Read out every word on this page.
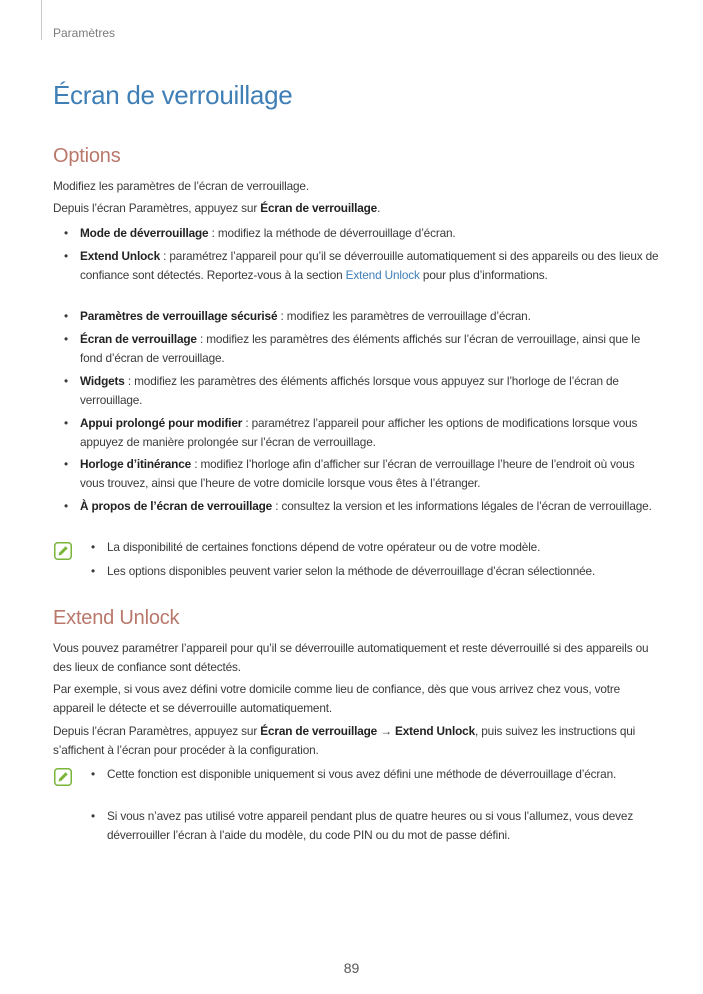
Paramètres
Écran de verrouillage
Options

Modifiez les paramètres de l’écran de verrouillage.

Depuis l’écran Paramètres, appuyez sur Écran de verrouillage.

• Mode de déverrouillage : modifiez la méthode de déverrouillage d’écran.

• Extend Unlock : paramétrez l’appareil pour qu’il se déverrouille automatiquement si des appareils ou des lieux de confiance sont détectés. Reportez-vous à la section Extend Unlock pour plus d’informations.

• Paramètres de verrouillage sécurisé : modifiez les paramètres de verrouillage d’écran.

• Écran de verrouillage : modifiez les paramètres des éléments affichés sur l’écran de verrouillage, ainsi que le fond d’écran de verrouillage.

• Widgets : modifiez les paramètres des éléments affichés lorsque vous appuyez sur l’horloge de l’écran de verrouillage.

• Appui prolongé pour modifier : paramétrez l’appareil pour afficher les options de modifications lorsque vous appuyez de manière prolongée sur l’écran de verrouillage.

• Horloge d’itinérance : modifiez l’horloge afin d’afficher sur l’écran de verrouillage l’heure de l’endroit où vous vous trouvez, ainsi que l’heure de votre domicile lorsque vous êtes à l’étranger.

• À propos de l’écran de verrouillage : consultez la version et les informations légales de l’écran de verrouillage.

• La disponibilité de certaines fonctions dépend de votre opérateur ou de votre modèle.

• Les options disponibles peuvent varier selon la méthode de déverrouillage d’écran sélectionnée.

Extend Unlock

Vous pouvez paramétrer l’appareil pour qu’il se déverrouille automatiquement et reste déverrouillé si des appareils ou des lieux de confiance sont détectés.

Par exemple, si vous avez défini votre domicile comme lieu de confiance, dès que vous arrivez chez vous, votre appareil le détecte et se déverrouille automatiquement.

Depuis l’écran Paramètres, appuyez sur Écran de verrouillage → Extend Unlock, puis suivez les instructions qui s’affichent à l’écran pour procéder à la configuration.

• Cette fonction est disponible uniquement si vous avez défini une méthode de déverrouillage d’écran.

• Si vous n’avez pas utilisé votre appareil pendant plus de quatre heures ou si vous l’allumez, vous devez déverrouiller l’écran à l’aide du modèle, du code PIN ou du mot de passe défini.

89
